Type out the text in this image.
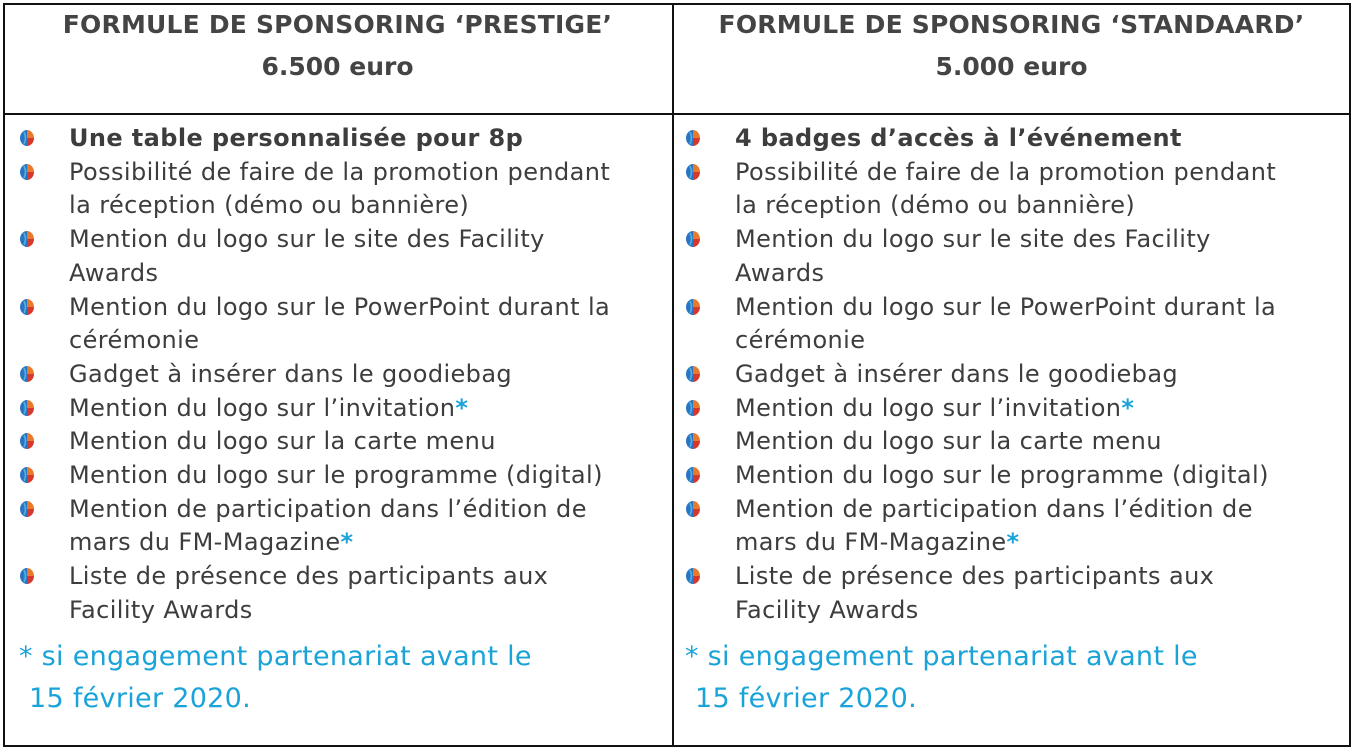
FORMULE DE SPONSORING ‘PRESTIGE’
6.500 euro
FORMULE DE SPONSORING ‘STANDAARD’
5.000 euro
Une table personnalisée pour 8p
Possibilité de faire de la promotion pendant
la réception (démo ou bannière)
Mention du logo sur le site des Facility
Awards
Mention du logo sur le PowerPoint durant la
cérémonie
Gadget à insérer dans le goodiebag
Mention du logo sur l’invitation*
Mention du logo sur la carte menu
Mention du logo sur le programme (digital)
Mention de participation dans l’édition de
mars du FM-Magazine*
Liste de présence des participants aux
Facility Awards
4 badges d’accès à l’événement
Possibilité de faire de la promotion pendant
la réception (démo ou bannière)
Mention du logo sur le site des Facility
Awards
Mention du logo sur le PowerPoint durant la
cérémonie
Gadget à insérer dans le goodiebag
Mention du logo sur l’invitation*
Mention du logo sur la carte menu
Mention du logo sur le programme (digital)
Mention de participation dans l’édition de
mars du FM-Magazine*
Liste de présence des participants aux
Facility Awards
* si engagement partenariat avant le
15 février 2020.
* si engagement partenariat avant le
15 février 2020.
